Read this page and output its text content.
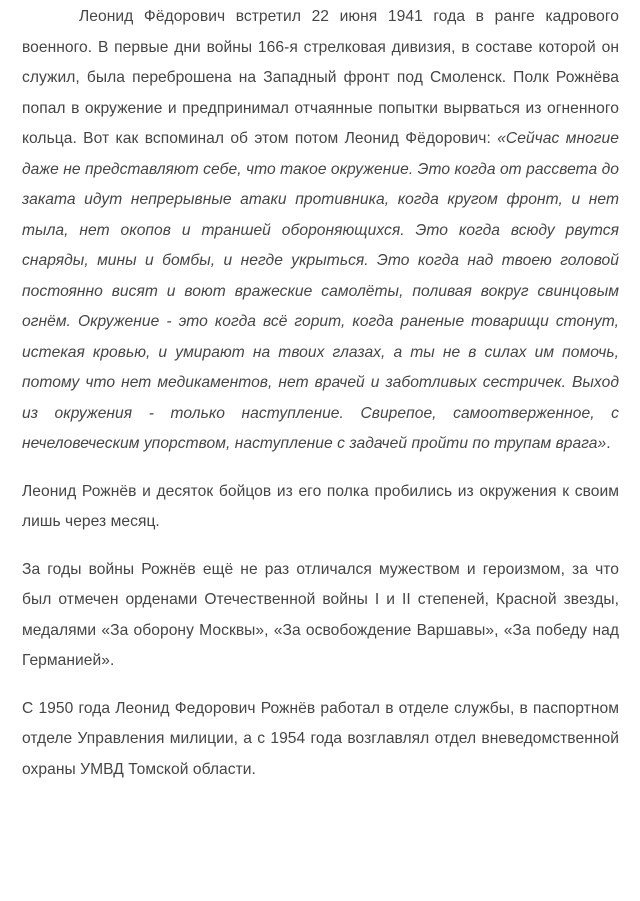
Леонид Фёдорович встретил 22 июня 1941 года в ранге кадрового военного. В первые дни войны 166-я стрелковая дивизия, в составе которой он служил, была переброшена на Западный фронт под Смоленск. Полк Рожнёва попал в окружение и предпринимал отчаянные попытки вырваться из огненного кольца. Вот как вспоминал об этом потом Леонид Фёдорович: «Сейчас многие даже не представляют себе, что такое окружение. Это когда от рассвета до заката идут непрерывные атаки противника, когда кругом фронт, и нет тыла, нет окопов и траншей обороняющихся. Это когда всюду рвутся снаряды, мины и бомбы, и негде укрыться. Это когда над твоею головой постоянно висят и воют вражеские самолёты, поливая вокруг свинцовым огнём. Окружение - это когда всё горит, когда раненые товарищи стонут, истекая кровью, и умирают на твоих глазах, а ты не в силах им помочь, потому что нет медикаментов, нет врачей и заботливых сестричек. Выход из окружения - только наступление. Свирепое, самоотверженное, с нечеловеческим упорством, наступление с задачей пройти по трупам врага».

Леонид Рожнёв и десяток бойцов из его полка пробились из окружения к своим лишь через месяц.

За годы войны Рожнёв ещё не раз отличался мужеством и героизмом, за что был отмечен орденами Отечественной войны I и II степеней, Красной звезды, медалями «За оборону Москвы», «За освобождение Варшавы», «За победу над Германией».

С 1950 года Леонид Федорович Рожнёв работал в отделе службы, в паспортном отделе Управления милиции, а с 1954 года возглавлял отдел вневедомственной охраны УМВД Томской области.
